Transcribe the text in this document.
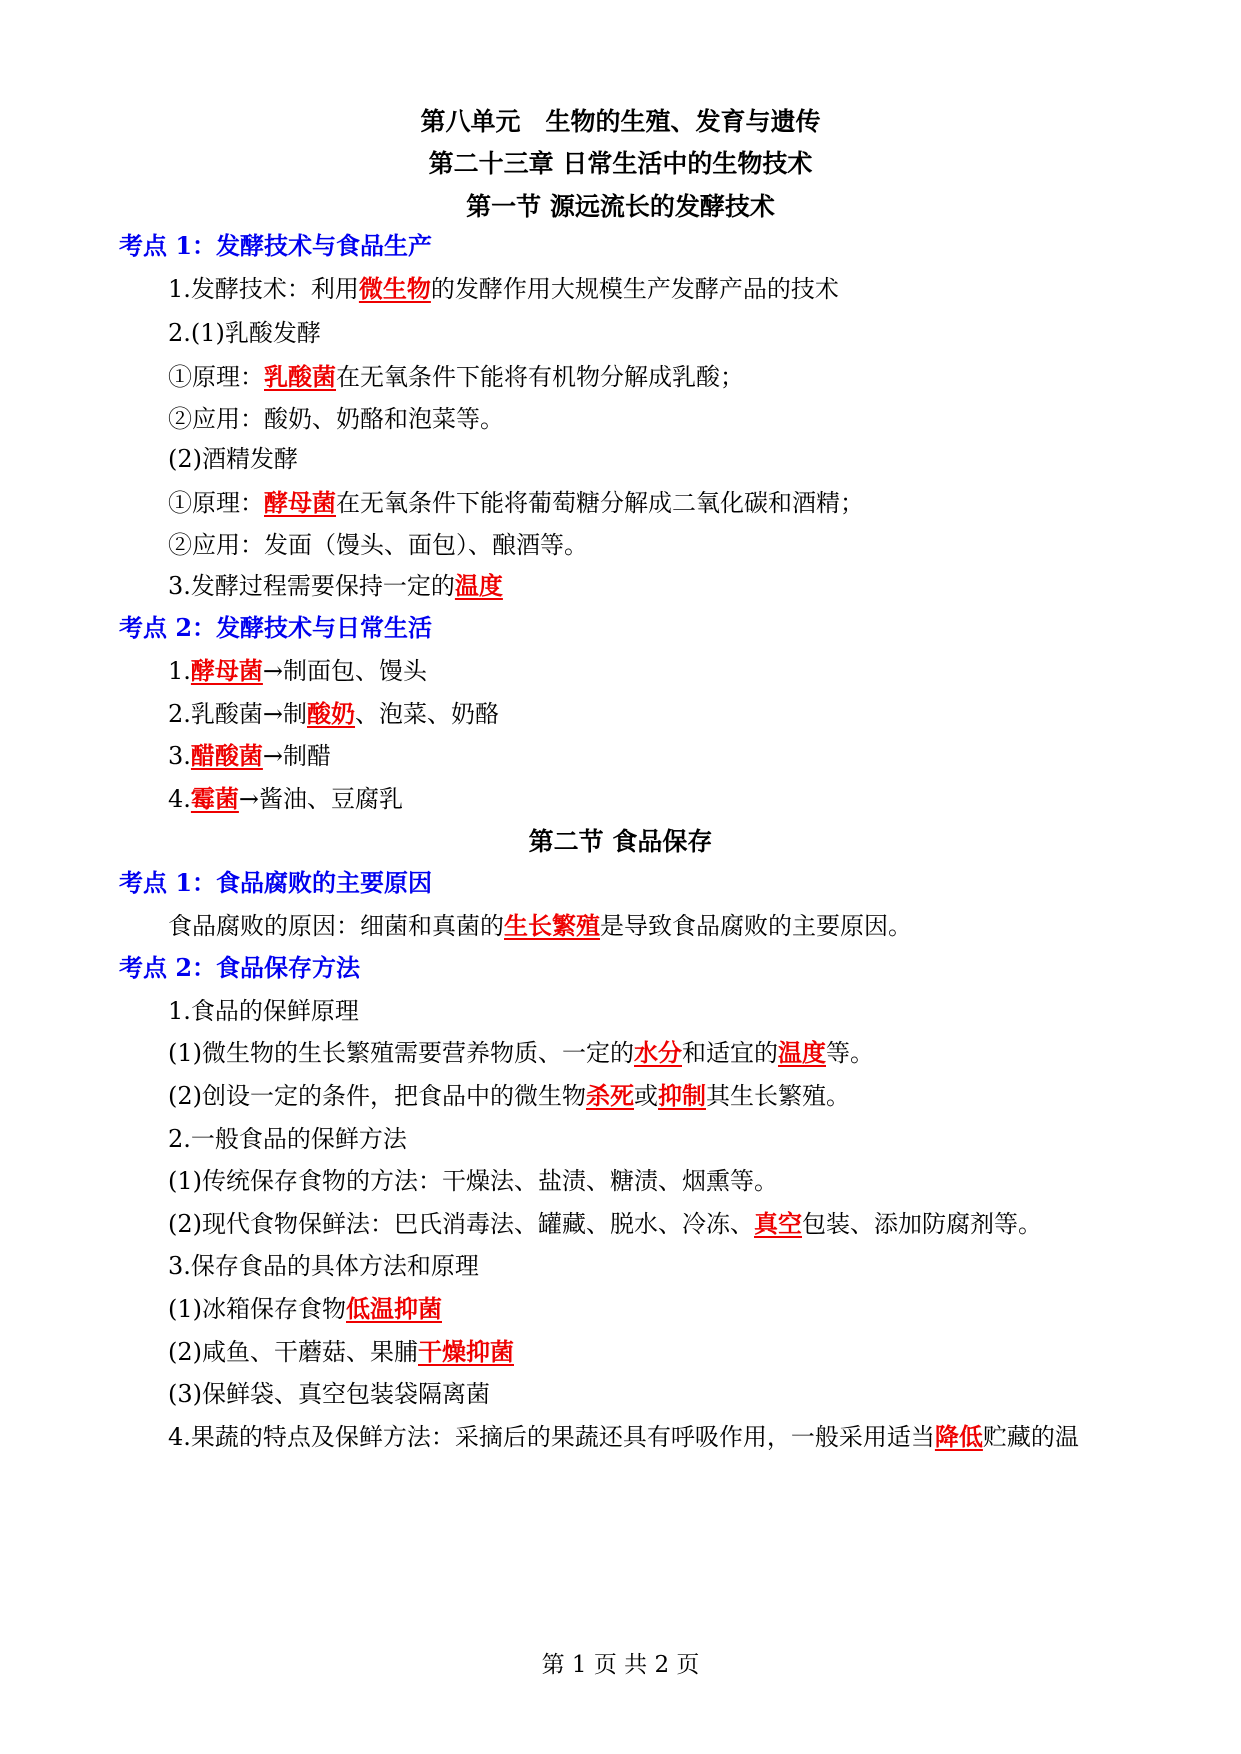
第八单元　生物的生殖、发育与遗传
第二十三章 日常生活中的生物技术
第一节 源远流长的发酵技术
考点 1：发酵技术与食品生产
1.发酵技术：利用微生物的发酵作用大规模生产发酵产品的技术
2.(1)乳酸发酵
①原理：乳酸菌在无氧条件下能将有机物分解成乳酸；
②应用：酸奶、奶酪和泡菜等。
(2)酒精发酵
①原理：酵母菌在无氧条件下能将葡萄糖分解成二氧化碳和酒精；
②应用：发面（馒头、面包）、酿酒等。
3.发酵过程需要保持一定的温度
考点 2：发酵技术与日常生活
1.酵母菌→制面包、馒头
2.乳酸菌→制酸奶、泡菜、奶酪
3.醋酸菌→制醋
4.霉菌→酱油、豆腐乳
第二节 食品保存
考点 1：食品腐败的主要原因
食品腐败的原因：细菌和真菌的生长繁殖是导致食品腐败的主要原因。
考点 2：食品保存方法
1.食品的保鲜原理
(1)微生物的生长繁殖需要营养物质、一定的水分和适宜的温度等。
(2)创设一定的条件，把食品中的微生物杀死或抑制其生长繁殖。
2.一般食品的保鲜方法
(1)传统保存食物的方法：干燥法、盐渍、糖渍、烟熏等。
(2)现代食物保鲜法：巴氏消毒法、罐藏、脱水、冷冻、真空包装、添加防腐剂等。
3.保存食品的具体方法和原理
(1)冰箱保存食物低温抑菌
(2)咸鱼、干蘑菇、果脯干燥抑菌
(3)保鲜袋、真空包装袋隔离菌
4.果蔬的特点及保鲜方法：采摘后的果蔬还具有呼吸作用，一般采用适当降低贮藏的温
第 1 页 共 2 页
